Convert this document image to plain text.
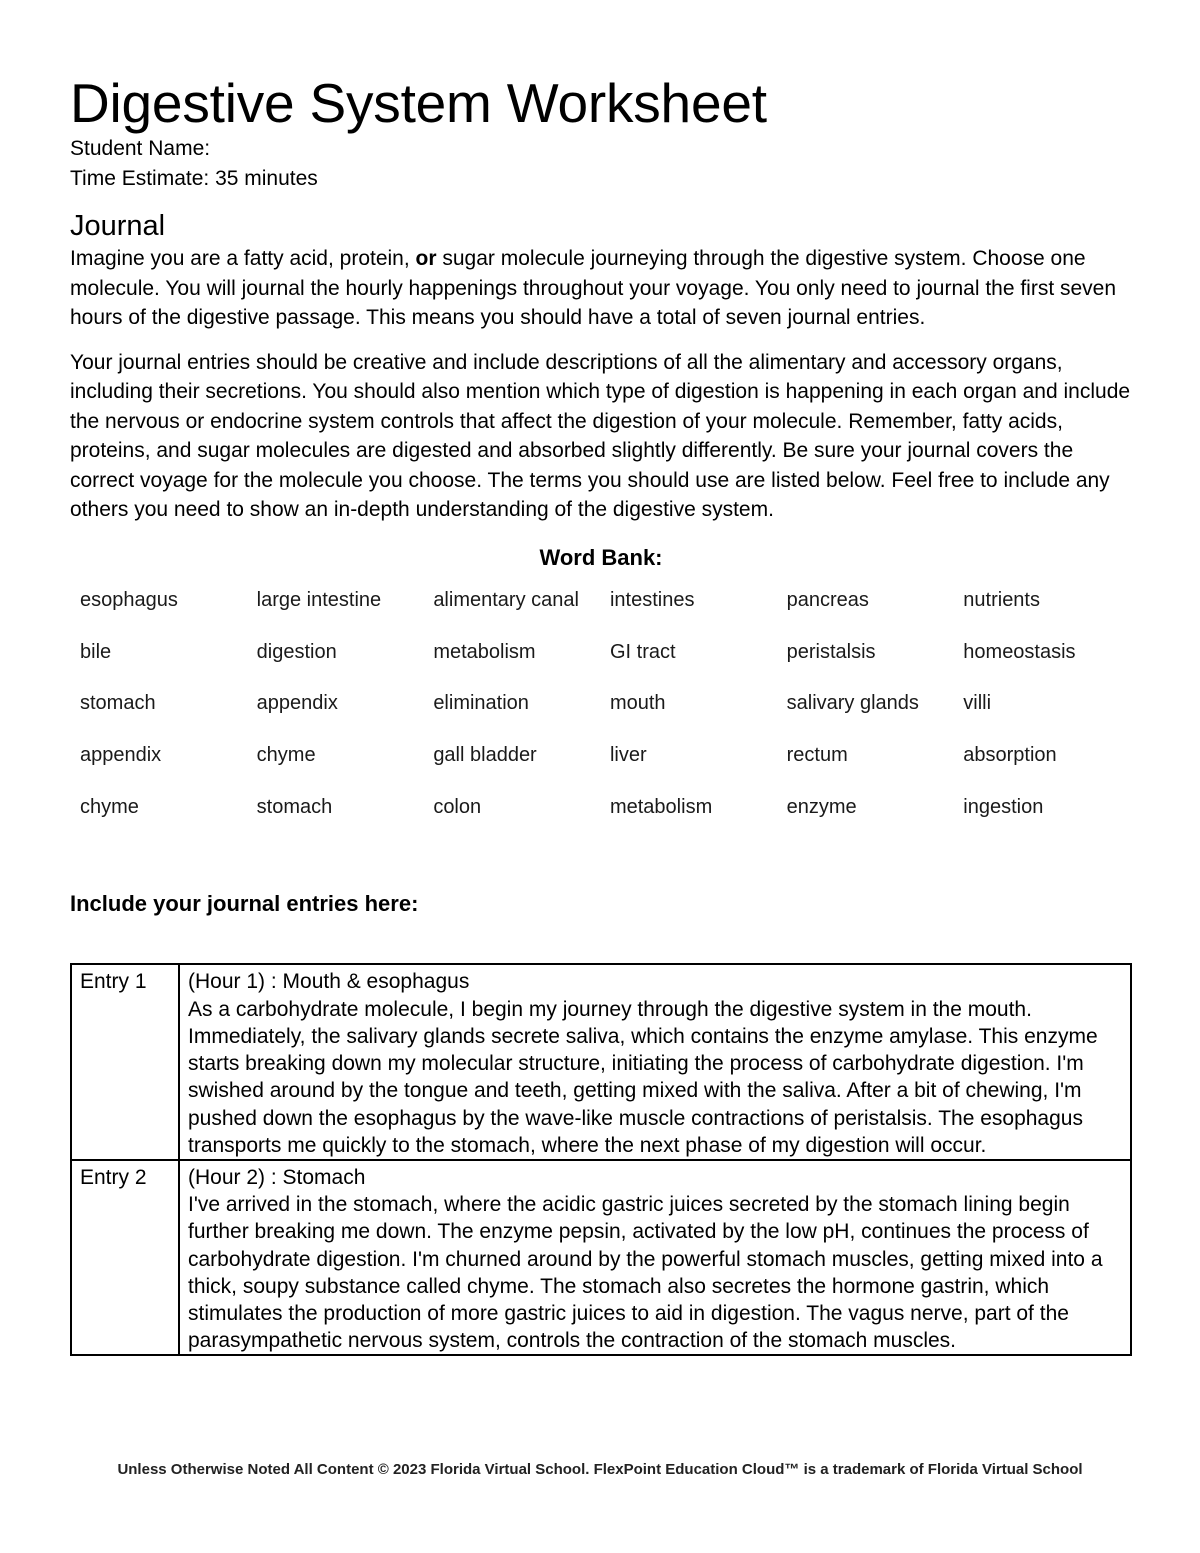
Digestive System Worksheet
Student Name:
Time Estimate: 35 minutes
Journal

Imagine you are a fatty acid, protein, or sugar molecule journeying through the digestive system. Choose one molecule. You will journal the hourly happenings throughout your voyage. You only need to journal the first seven hours of the digestive passage. This means you should have a total of seven journal entries.

Your journal entries should be creative and include descriptions of all the alimentary and accessory organs, including their secretions. You should also mention which type of digestion is happening in each organ and include the nervous or endocrine system controls that affect the digestion of your molecule. Remember, fatty acids, proteins, and sugar molecules are digested and absorbed slightly differently. Be sure your journal covers the correct voyage for the molecule you choose. The terms you should use are listed below. Feel free to include any others you need to show an in-depth understanding of the digestive system.

Word Bank:
esophagus	large intestine	alimentary canal	intestines	pancreas	nutrients
bile	digestion	metabolism	GI tract	peristalsis	homeostasis
stomach	appendix	elimination	mouth	salivary glands	villi
appendix	chyme	gall bladder	liver	rectum	absorption
chyme	stomach	colon	metabolism	enzyme	ingestion
Include your journal entries here:
Entry 1	(Hour 1) : Mouth & esophagus
As a carbohydrate molecule, I begin my journey through the digestive system in the mouth. Immediately, the salivary glands secrete saliva, which contains the enzyme amylase. This enzyme starts breaking down my molecular structure, initiating the process of carbohydrate digestion. I'm swished around by the tongue and teeth, getting mixed with the saliva. After a bit of chewing, I'm pushed down the esophagus by the wave-like muscle contractions of peristalsis. The esophagus transports me quickly to the stomach, where the next phase of my digestion will occur.

Entry 2	(Hour 2) : Stomach
I've arrived in the stomach, where the acidic gastric juices secreted by the stomach lining begin further breaking me down. The enzyme pepsin, activated by the low pH, continues the process of carbohydrate digestion. I'm churned around by the powerful stomach muscles, getting mixed into a thick, soupy substance called chyme. The stomach also secretes the hormone gastrin, which stimulates the production of more gastric juices to aid in digestion. The vagus nerve, part of the parasympathetic nervous system, controls the contraction of the stomach muscles.
Unless Otherwise Noted All Content © 2023 Florida Virtual School. FlexPoint Education Cloud™ is a trademark of Florida Virtual School
